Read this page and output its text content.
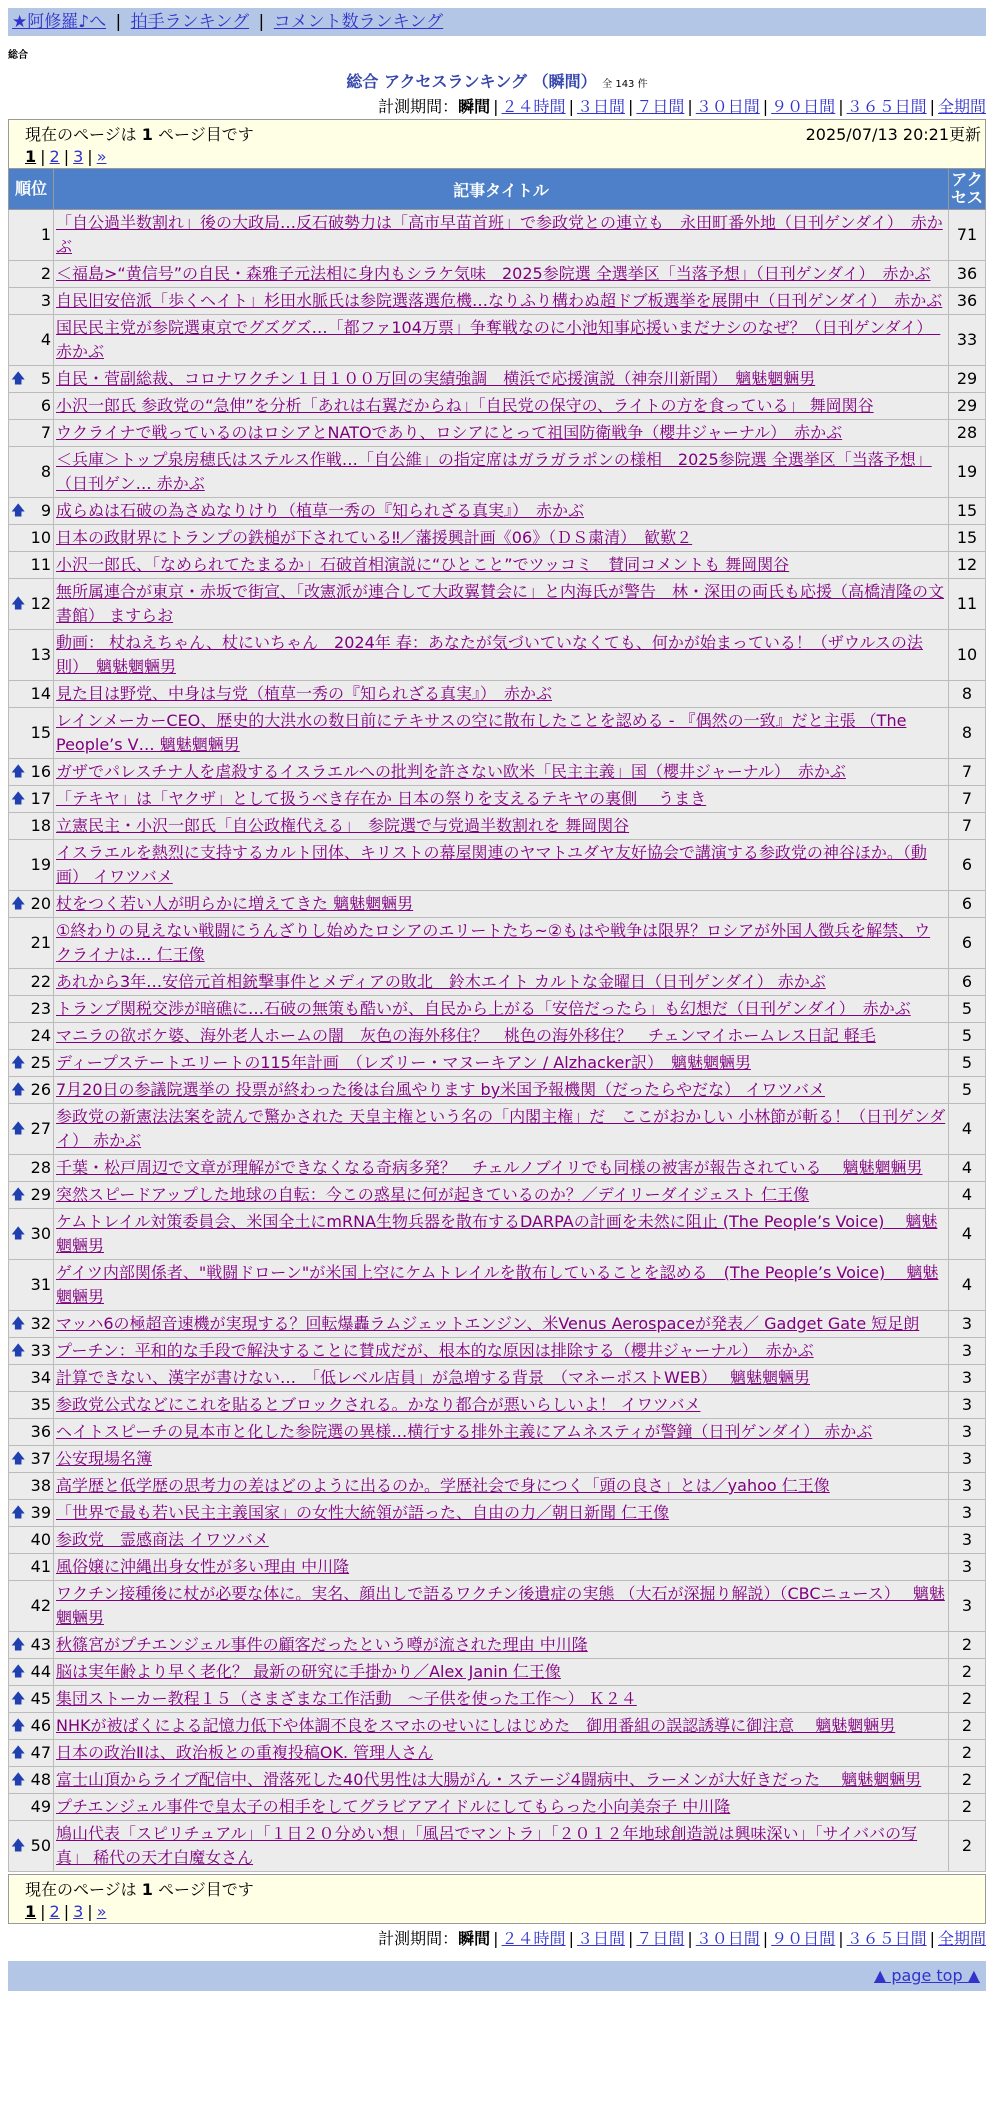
★阿修羅♪へ | 拍手ランキング | コメント数ランキング
総合
総合 アクセスランキング （瞬間） 全 143 件
計測期間：瞬間 | ２４時間 | ３日間 | ７日間 | ３０日間 | ９０日間 | ３６５日間 | 全期間
現在のページは 1 ページ目です	2025/07/13 20:21更新
1 | 2 | 3 | »
順位	記事タイトル	アクセス
1	「自公過半数割れ」後の大政局…反石破勢力は「高市早苗首班」で参政党との連立も　永田町番外地（日刊ゲンダイ）　赤かぶ	71
2	＜福島>“黄信号”の自民・森雅子元法相に身内もシラケ気味　2025参院選 全選挙区「当落予想」（日刊ゲンダイ）　赤かぶ	36
3	自民旧安倍派「歩くヘイト」杉田水脈氏は参院選落選危機…なりふり構わぬ超ドブ板選挙を展開中（日刊ゲンダイ）　赤かぶ	36
4	国民民主党が参院選東京でグズグズ…「都ファ104万票」争奪戦なのに小池知事応援いまだナシのなぜ？（日刊ゲンダイ）　赤かぶ	33

🡅 5	自民・菅副総裁、コロナワクチン１日１００万回の実績強調　横浜で応援演説（神奈川新聞）　魑魅魍魎男	29
6	小沢一郎氏 参政党の“急伸”を分析「あれは右翼だからね」「自民党の保守の、ライトの方を食っている」 舞岡関谷	29
7	ウクライナで戦っているのはロシアとNATOであり、ロシアにとって祖国防衛戦争（櫻井ジャーナル）　赤かぶ	28
8	＜兵庫＞トップ泉房穂氏はステルス作戦…「自公維」の指定席はガラガラポンの様相　2025参院選 全選挙区「当落予想」（日刊ゲン… 赤かぶ	19

🡅 9	成らぬは石破の為さぬなりけり（植草一秀の『知られざる真実』）　赤かぶ	15
10	日本の政財界にトランプの鉄槌が下されている‼／藩援興計画《06》（ＤＳ粛清）　歓歎２	15
11	小沢一郎氏、「なめられてたまるか」石破首相演説に“ひとこと”でツッコミ　賛同コメントも 舞岡関谷	12

🡅 12	無所属連合が東京・赤坂で街宣、「改憲派が連合して大政翼賛会に」と内海氏が警告　林・深田の両氏も応援（高橋清隆の文書館） ますらお	11
13	動画： 杖ねえちゃん、杖にいちゃん　2024年 春：あなたが気づいていなくても、何かが始まっている！（ザウルスの法則）　魑魅魍魎男	10
14	見た目は野党、中身は与党（植草一秀の『知られざる真実』）　赤かぶ	8
15	レインメーカーCEO、歴史的大洪水の数日前にテキサスの空に散布したことを認める - 『偶然の一致』だと主張 （The People’s V… 魑魅魍魎男	8

🡅 16	ガザでパレスチナ人を虐殺するイスラエルへの批判を許さない欧米「民主主義」国（櫻井ジャーナル）　赤かぶ	7

🡅 17	「テキヤ」は「ヤクザ」として扱うべき存在か 日本の祭りを支えるテキヤの裏側　 うまき	7
18	立憲民主・小沢一郎氏「自公政権代える」　参院選で与党過半数割れを 舞岡関谷	7
19	イスラエルを熱烈に支持するカルト団体、キリストの幕屋関連のヤマトユダヤ友好協会で講演する参政党の神谷ほか。（動画） イワツバメ	6

🡅 20	杖をつく若い人が明らかに増えてきた 魑魅魍魎男	6
21	①終わりの見えない戦闘にうんざりし始めたロシアのエリートたち~②もはや戦争は限界？ロシアが外国人徴兵を解禁、ウクライナは… 仁王像	6
22	あれから3年…安倍元首相銃撃事件とメディアの敗北　鈴木エイト カルトな金曜日（日刊ゲンダイ） 赤かぶ	6
23	トランプ関税交渉が暗礁に…石破の無策も酷いが、自民から上がる「安倍だったら」も幻想だ（日刊ゲンダイ）　赤かぶ	5
24	マニラの欲ボケ婆、海外老人ホームの闇　灰色の海外移住？　桃色の海外移住？　チェンマイホームレス日記 軽毛	5

🡅 25	ディープステートエリートの115年計画　（レズリー・マヌーキアン / Alzhacker訳）　魑魅魍魎男	5

🡅 26	7月20日の参議院選挙の 投票が終わった後は台風やります by米国予報機関（だったらやだな） イワツバメ	5

🡅 27	参政党の新憲法法案を読んで驚かされた 天皇主権という名の「内閣主権」だ　ここがおかしい 小林節が斬る！（日刊ゲンダイ） 赤かぶ	4
28	千葉・松戸周辺で文章が理解ができなくなる奇病多発？　チェルノブイリでも同様の被害が報告されている　 魑魅魍魎男	4

🡅 29	突然スピードアップした地球の自転：今この惑星に何が起きているのか？／デイリーダイジェスト 仁王像	4

🡅 30	ケムトレイル対策委員会、米国全土にmRNA生物兵器を散布するDARPAの計画を未然に阻止 (The People’s Voice)　 魑魅魍魎男	4
31	ゲイツ内部関係者、"戦闘ドローン"が米国上空にケムトレイルを散布していることを認める　(The People’s Voice)　 魑魅魍魎男	4

🡅 32	マッハ6の極超音速機が実現する？回転爆轟ラムジェットエンジン、米Venus Aerospaceが発表／ Gadget Gate 短足朗	3

🡅 33	プーチン：平和的な手段で解決することに賛成だが、根本的な原因は排除する（櫻井ジャーナル）　赤かぶ	3
34	計算できない、漢字が書けない…　「低レベル店員」が急増する背景　（マネーポストWEB）　 魑魅魍魎男	3
35	参政党公式などにこれを貼るとブロックされる。かなり都合が悪いらしいよ！ イワツバメ	3
36	ヘイトスピーチの見本市と化した参院選の異様…横行する排外主義にアムネスティが警鐘（日刊ゲンダイ） 赤かぶ	3

🡅 37	公安現場名簿	3
38	高学歴と低学歴の思考力の差はどのように出るのか。学歴社会で身につく「頭の良さ」とは／yahoo 仁王像	3

🡅 39	「世界で最も若い民主主義国家」の女性大統領が語った、自由の力／朝日新聞 仁王像	3
40	参政党　霊感商法 イワツバメ	3
41	風俗嬢に沖縄出身女性が多い理由 中川隆	3
42	ワクチン接種後に杖が必要な体に。実名、顔出しで語るワクチン後遺症の実態 （大石が深掘り解説）（CBCニュース）　 魑魅魍魎男	3

🡅 43	秋篠宮がプチエンジェル事件の顧客だったという噂が流された理由 中川隆	2

🡅 44	脳は実年齢より早く老化？ 最新の研究に手掛かり／Alex Janin 仁王像	2

🡅 45	集団ストーカー教程１５（さまざまな工作活動　～子供を使った工作～） Ｋ２４	2

🡅 46	NHKが被ばくによる記憶力低下や体調不良をスマホのせいにしはじめた　御用番組の誤認誘導に御注意　 魑魅魍魎男	2

🡅 47	日本の政治Ⅱは、政治板との重複投稿OK. 管理人さん	2

🡅 48	富士山頂からライブ配信中、滑落死した40代男性は大腸がん・ステージ4闘病中、ラーメンが大好きだった　 魑魅魍魎男	2
49	プチエンジェル事件で皇太子の相手をしてグラビアアイドルにしてもらった小向美奈子 中川隆	2

🡅 50	鳩山代表「スピリチュアル」「１日２０分めい想」「風呂でマントラ」「２０１２年地球創造説は興味深い」「サイババの写真」 稀代の天才白魔女さん	2
現在のページは 1 ページ目です
1 | 2 | 3 | »
計測期間：瞬間 | ２４時間 | ３日間 | ７日間 | ３０日間 | ９０日間 | ３６５日間 | 全期間
▲ page top ▲
